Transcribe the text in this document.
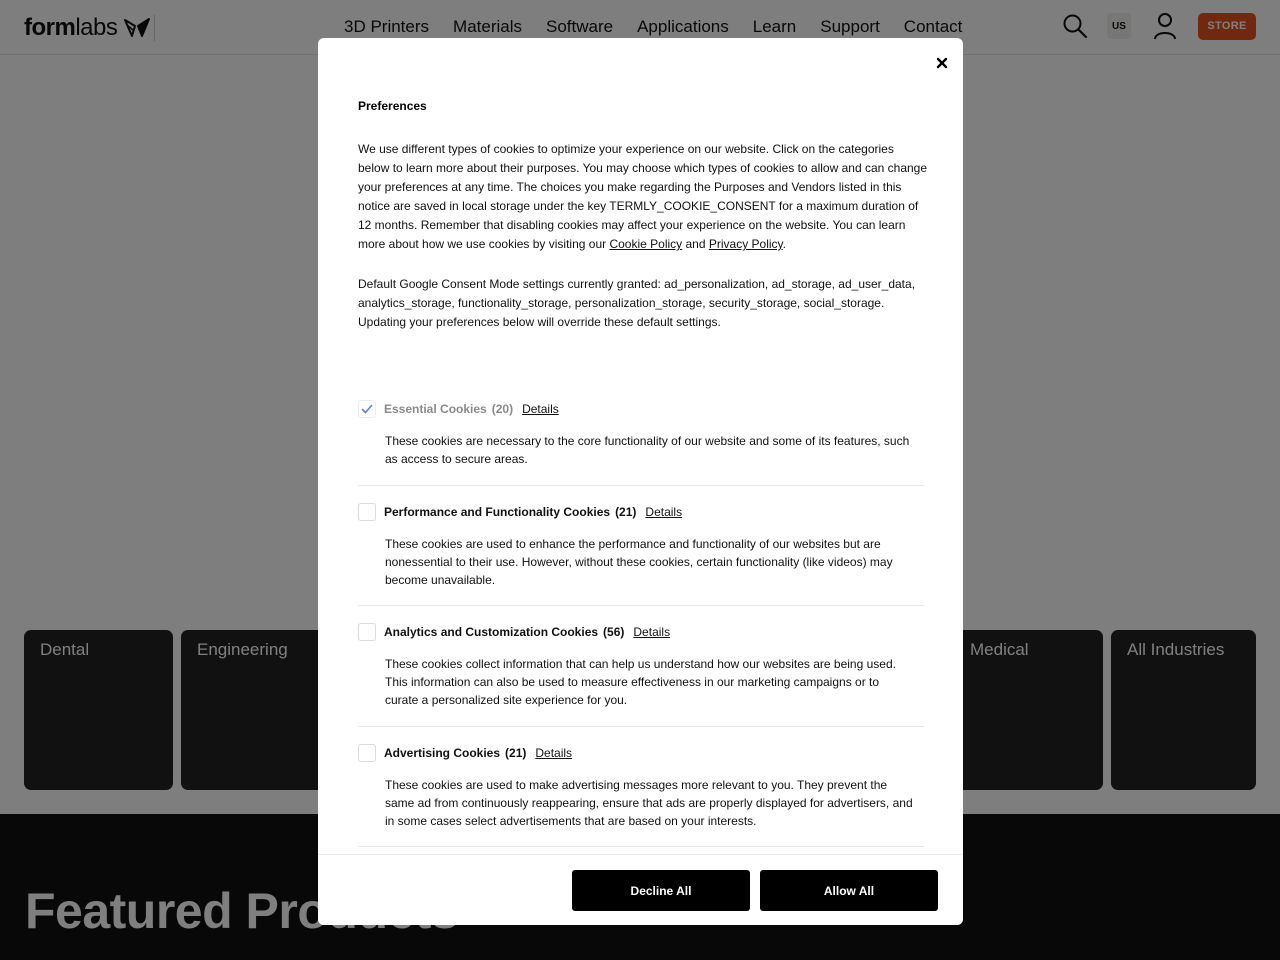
Preferences

We use different types of cookies to optimize your experience on our website. Click on the categories below to learn more about their purposes. You may choose which types of cookies to allow and can change your preferences at any time. The choices you make regarding the Purposes and Vendors listed in this notice are saved in local storage under the key TERMLY_COOKIE_CONSENT for a maximum duration of 12 months. Remember that disabling cookies may affect your experience on the website. You can learn more about how we use cookies by visiting our Cookie Policy and Privacy Policy.

Default Google Consent Mode settings currently granted: ad_personalization, ad_storage, ad_user_data, analytics_storage, functionality_storage, personalization_storage, security_storage, social_storage. Updating your preferences below will override these default settings.

Essential Cookies (20) Details

These cookies are necessary to the core functionality of our website and some of its features, such as access to secure areas.

Performance and Functionality Cookies (21) Details

These cookies are used to enhance the performance and functionality of our websites but are nonessential to their use. However, without these cookies, certain functionality (like videos) may become unavailable.

Analytics and Customization Cookies (56) Details

These cookies collect information that can help us understand how our websites are being used. This information can also be used to measure effectiveness in our marketing campaigns or to curate a personalized site experience for you.

Advertising Cookies (21) Details

These cookies are used to make advertising messages more relevant to you. They prevent the same ad from continuously reappearing, ensure that ads are properly displayed for advertisers, and in some cases select advertisements that are based on your interests.

Decline All	Allow All
